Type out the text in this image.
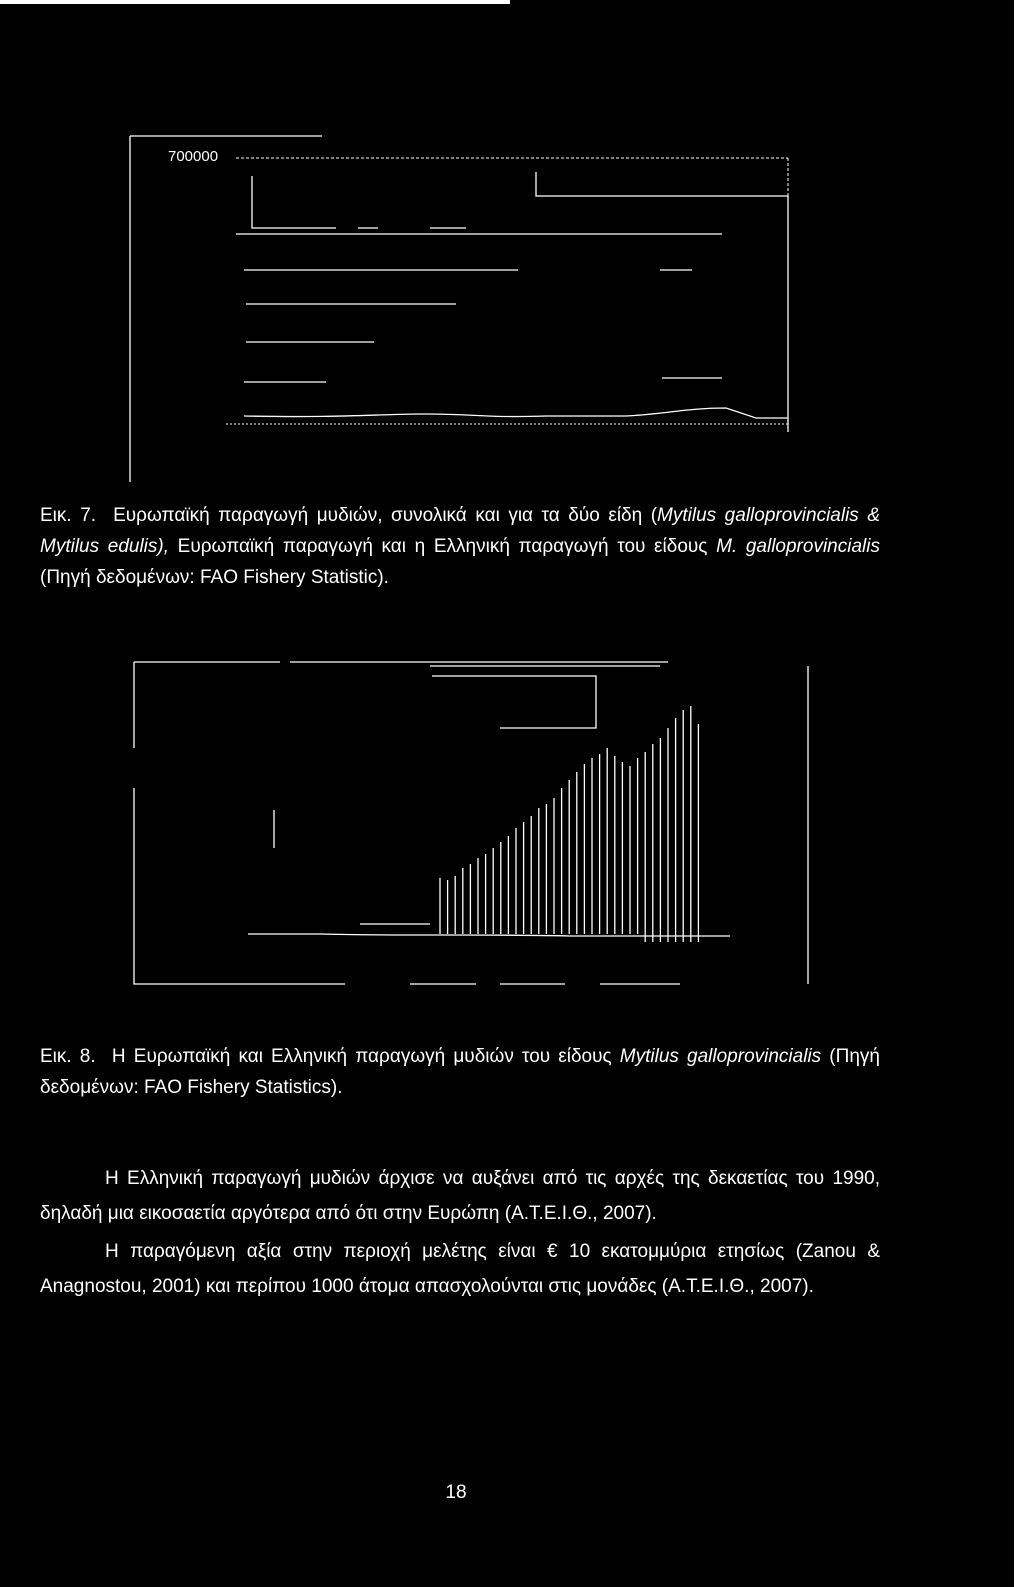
700000
Εικ. 7. Ευρωπαϊκή παραγωγή μυδιών, συνολικά και για τα δύο είδη (Mytilus galloprovincialis & Mytilus edulis), Ευρωπαϊκή παραγωγή και η Ελληνική παραγωγή του είδους M. galloprovincialis (Πηγή δεδομένων: FAO Fishery Statistic).
Εικ. 8. Η Ευρωπαϊκή και Ελληνική παραγωγή μυδιών του είδους Mytilus galloprovincialis (Πηγή δεδομένων: FAO Fishery Statistics).
Η Ελληνική παραγωγή μυδιών άρχισε να αυξάνει από τις αρχές της δεκαετίας του 1990, δηλαδή μια εικοσαετία αργότερα από ότι στην Ευρώπη (Α.Τ.Ε.Ι.Θ., 2007).
Η παραγόμενη αξία στην περιοχή μελέτης είναι € 10 εκατομμύρια ετησίως (Zanou & Anagnostou, 2001) και περίπου 1000 άτομα απασχολούνται στις μονάδες (Α.Τ.Ε.Ι.Θ., 2007).
18
